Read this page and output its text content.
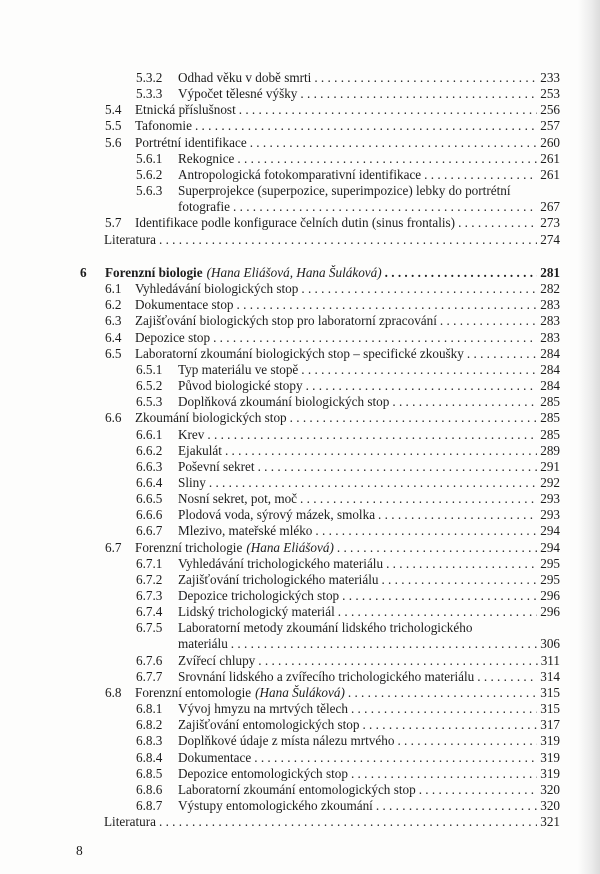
5.3.2 Odhad věku v době smrti . . .	233
5.3.3 Výpočet tělesné výšky . . .	253
5.4 Etnická příslušnost . . .	256
5.5 Tafonomie . . .	257
5.6 Portrétní identifikace . . .	260
5.6.1 Rekognice . . .	261
5.6.2 Antropologická fotokomparativní identifikace . . .	261
5.6.3 Superprojekce (superpozice, superimpozice) lebky do portrétní
fotografie . . .	267
5.7 Identifikace podle konfigurace čelních dutin (sinus frontalis) . . .	273
Literatura . . .	274
6 Forenzní biologie (Hana Eliášová, Hana Šuláková) . . .	281
6.1 Vyhledávání biologických stop . . .	282
6.2 Dokumentace stop . . .	283
6.3 Zajišťování biologických stop pro laboratorní zpracování . . .	283
6.4 Depozice stop . . .	283
6.5 Laboratorní zkoumání biologických stop – specifické zkoušky . . .	284
6.5.1 Typ materiálu ve stopě . . .	284
6.5.2 Původ biologické stopy . . .	284
6.5.3 Doplňková zkoumání biologických stop . . .	285
6.6 Zkoumání biologických stop . . .	285
6.6.1 Krev . . .	285
6.6.2 Ejakulát . . .	289
6.6.3 Poševní sekret . . .	291
6.6.4 Sliny . . .	292
6.6.5 Nosní sekret, pot, moč . . .	293
6.6.6 Plodová voda, sýrový mázek, smolka . . .	293
6.6.7 Mlezivo, mateřské mléko . . .	294
6.7 Forenzní trichologie (Hana Eliášová) . . .	294
6.7.1 Vyhledávání trichologického materiálu . . .	295
6.7.2 Zajišťování trichologického materiálu . . .	295
6.7.3 Depozice trichologických stop . . .	296
6.7.4 Lidský trichologický materiál . . .	296
6.7.5 Laboratorní metody zkoumání lidského trichologického
materiálu . . .	306
6.7.6 Zvířecí chlupy . . .	311
6.7.7 Srovnání lidského a zvířecího trichologického materiálu . . .	314
6.8 Forenzní entomologie (Hana Šuláková) . . .	315
6.8.1 Vývoj hmyzu na mrtvých tělech . . .	315
6.8.2 Zajišťování entomologických stop . . .	317
6.8.3 Doplňkové údaje z místa nálezu mrtvého . . .	319
6.8.4 Dokumentace . . .	319
6.8.5 Depozice entomologických stop . . .	319
6.8.6 Laboratorní zkoumání entomologických stop . . .	320
6.8.7 Výstupy entomologického zkoumání . . .	320
Literatura . . .	321
8
